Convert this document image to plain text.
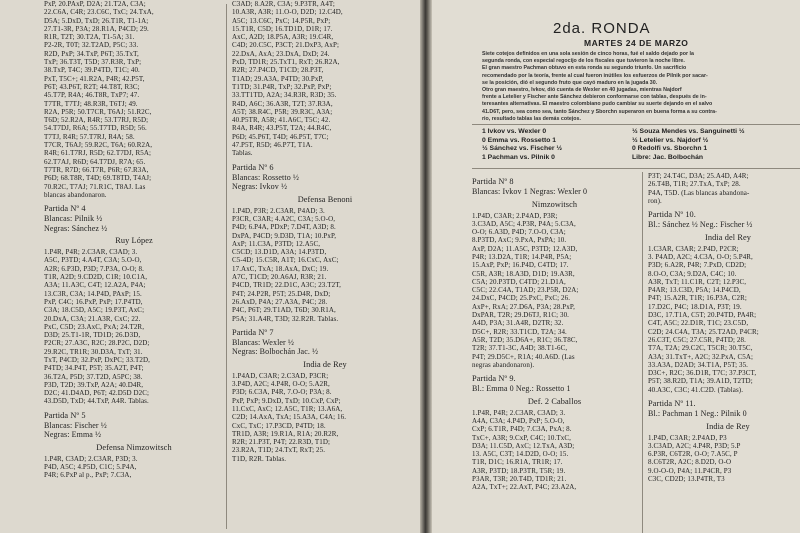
PxP, 20.PAxP, D2A; 21.T2A, C3A;

22.C6A, C4R; 23.C6C, TxC; 24.TxA,

D5A; 5.DxD, TxD; 26.T1R, T1-1A;

27.T1-3R, P3A; 28.R1A, P4CD; 29.

R1R, T2T; 30.T2A, T1-5A; 31.

P2-2R, T0T; 32.T2AD, P5C; 33.

R2D, PxP; 34.TxP, P6T; 35.TxT,

TxP; 36.T3T, T5D; 37.R3R, TxP;

38.TxP, T4C; 39.P4TD, T1C; 40.

PxT, T5C+; 41.R2A, P4R; 42.P5T,

P6T; 43.P6T, R2T; 44.T8T, R3C;

45.T7P, R4A; 46.T8R, TxP7; 47.

T7TR, T7TJ; 48.R3R, T6TJ; 49.

R2A, P5R; 50.T7CR, T6AJ; 51.R2C,

T6D; 52.R2A, R4R; 53.T7RJ, R5D;

54.T7DJ, R6A; 55.T7TD, R5D; 56.

T7TJ, R4R; 57.T7RJ, R4A; 58.

T7CR, T6AJ; 59.R2C, T6A; 60.R2A,

R4R; 61.T7RJ, R5D; 62.T7DJ, R5A;

62.T7AJ, R6D; 64.T7DJ, R7A; 65.

T7TR, R7D; 66.T7R, P6R; 67.R3A,

P6D; 68.T8R, T4D; 69.T8TD, T4AJ;

70.R2C, T7AJ; 71.R1C, T8AJ. Las

blancas abandonaron.

Partida Nº 4

Blancas: Pilnik ½

Negras: Sánchez ½

Ruy López

1.P4R, P4R; 2.C3AR, C3AD; 3.

A5C, P3TD; 4.A4T, C3A; 5.O-O,

A2R; 6.P3D, P3D; 7.P3A, O-O; 8.

T1R, A2D; 9.CD2D, C1R; 10.C1A,

A3A; 11.A3C, C4T; 12.A2A, P4A;

13.C3R, C3A; 14.P4D, PAxP; 15.

PxP, C4C; 16.PxP, PxP; 17.P4TD,

C3A; 18.C5D, A5C; 19.P3T, AxC;

20.DxA, C3A; 21.A3R, CxC; 22.

PxC, C5D; 23.AxC, PxA; 24.T2R,

D3D; 25.T1-1R, TD1D; 26.D3D,

P2CR; 27.A3C, R2C; 28.P2C, D2D;

29.R2C, TR1R; 30.D3A, TxT; 31.

TxT, P4CD; 32.PxP, DxPC; 33.T2D,

P4TD; 34.P4T, P5T; 35.A2T, P4T;

36.T2A, P5D; 37.T2D, A5PC; 38.

P3D, T2D; 39.TxP, A2A; 40.D4R,

D2C; 41.D4AD, P6T; 42.D5D D2C;

43.D5D, TxD; 44.TxP, A4R. Tablas.

Partida Nº 5

Blancas: Fischer ½

Negras: Emma ½

Defensa Nimzowitsch

1.P4R, C3AD; 2.C3AR, P3D; 3.

P4D, A5C; 4.P5D, C1C; 5.P4A,

P4R; 6.PxP al p., PxP; 7.C3A,

C3AD; 8.A2R, C3A; 9.P3TR, A4T;

10.A3R, A3R; 11.O-O, D2D; 12.C4D,

A5C; 13.C6C, PxC; 14.P5R, PxP;

15.T1R, C5D; 16.TD1D, D1R; 17.

AxC, A2D; 18.P5A, A3R; 19.C4R,

C4D; 20.C5C, P3CT; 21.DxP3, AxP;

22.DxA, AxA; 23.DxA, DxD; 24.

PxD, TD1R; 25.TxT1, RxT; 26.R2A,

R2R; 27.P4CD, T1CD; 28.P3T,

T1AD; 29.A3A, P4TD; 30.PxP,

T1TD; 31.P4R, TxP; 32.PxP, PxP;

33.TT1TD, A2A; 34.R3R, R3D; 35.

R4D, A6C; 36.A3R, T2T; 37.R3A,

A5T; 38.R4C, P5R; 39.R3C, A3A;

40.P5TR, A5R; 41.A6C, T5C; 42.

R4A, R4R; 43.P5T, T2A; 44.R4C,

P6D; 45.P6T, T4D; 46.P5T, T7C;

47.P5T, R5D; 46.P7T, T1A.

Tablas.

Partida Nº 6

Blancas: Rossetto ½

Negras: Ivkov ½

Defensa Benoni

1.P4D, P3R; 2.C3AR, P4AD; 3.

P3CR, C3AR; 4.A2C, C3A; 5.O-O,

P4D; 6.P4A, PDxP; 7.D4T, A3D; 8.

DxPA, P4CD; 9.D3D, T1A; 10.PxP,

AxP; 11.C3A, P3TD; 12.A5C,

C5CD; 13.D1D, A3A; 14.P3TD,

C5-4D; 15.C5R, A1T; 16.CxC, AxC;

17.AxC, TxA; 18.AxA, DxC; 19.

A7C, T1CD; 20.A6AJ, R3R; 21.

P4CD, TR1D; 22.D1C, A3C; 23.T2T,

P4T; 24.P2R, P5T; 25.D4R, DxD;

26.AxD, P4A; 27.A3A, P4C; 28.

P4C, P6T; 29.T1AD, T6D; 30.R1A,

P5A; 31.A4R, T3D; 32.R2R. Tablas.

Partida Nº 7

Blancas: Wexler ½

Negras: Bolbochán Jac. ½

India de Rey

1.P4AD, C3AR; 2.C3AD, P3CR;

3.P4D, A2C; 4.P4R, O-O; 5.A2R,

P3D; 6.C3A, P4R, 7.O-O; P3A; 8.

PxP, PxP; 9.DxD, TxD; 10.CxP, CxP;

11.CxC, AxC; 12.A5C, T1R; 13.A6A,

C2D; 14.AxA, TxA; 15.A3A, C4A; 16.

CxC, TxC; 17.P3CD, P4TD; 18.

TR1D, A3R; 19.R1A, R1A; 20.R2R,

R2R; 21.P3T, P4T; 22.R3D, T1D;

23.R2A, T1D; 24.TxT, RxT; 25.

T1D, R2R. Tablas.

2da. RONDA
MARTES 24 DE MARZO

Siete cotejos definidos en una sola sesión de cinco horas, fué el saldo dejado por la

segunda ronda, con especial regocijo de los fiscales que tuvieron la noche libre.

El gran maestro Pachman obtuvo en esta ronda su segundo triunfo. Un sacrificio

recomendado por la teoría, frente al cual fueron inútiles los esfuerzos de Pilnik por sacar-

se la posición, dió el segundo fruto que cayó maduro en la jugada 30.

Otro gran maestro, Ivkov, dió cuenta de Wexler en 40 jugadas, mientras Najdorf

frente a Letelier y Fischer ante Sánchez debieron conformarse con tablas, después de in-

teresantes alternativas. El maestro colombiano pudo cambiar su suerte dejando en el salvo

41.D6T, pero, sea como sea, tanto Sánchez y Sborchn superaron en buena forma a su contra-

rio, resultado tablas las demás cotejos.

1 Ivkov vs. Wexler 0

0 Emma vs. Rossetto 1

½ Sánchez vs. Fischer ½

1 Pachman vs. Pilnik 0

½ Souza Mendes vs. Sanguinetti ½

½ Letelier vs. Najdorf ½

0 Redolfi vs. Sborchn 1

Libre: Jac. Bolbochán

Partida Nº 8

Blancas: Ivkov 1 Negras: Wexler 0

Nimzowitsch

1.P4D, C3AR; 2.P4AD, P3R;

3.C3AD, A5C; 4.P3R, P4A; 5.C3A,

O-O; 6.A3D, P4D; 7.O-O, C3A;

8.P3TD, AxC; 9.PxA, PxPA; 10.

AxP, D2A; 11.A5C, P3TD; 12.A3D,

P4R; 13.D2A, T1R; 14.P4R, P5A;

15.AxP, PxP; 16.P4D, C4TD; 17.

C5R, A3R; 18.A3D, D1D; 19.A3R,

C5A; 20.P3TD, C4TD; 21.D1A,

C5C; 22.C4A, T1AD; 23.P5R, D2A;

24.DxC, P4CD; 25.PxC, PxC; 26.

AxP+, RxA; 27.D6A, P3A; 28.PxP,

DxPAR, T2R; 29.D6TJ, R1C; 30.

A4D, P3A; 31.A4R, D2TR; 32.

D5C+, R2R; 33.T1CD, T2A; 34.

A5R, T2D; 35.D6A+, R1C; 36.T8C,

T2R; 37.T1-3C, A4D; 38.T1-6C,

P4T; 29.D5C+, R1A; 40.A6D. (Las

negras abandonaron).

Partida Nº 9.

Bl.: Emma 0 Neg.: Rossetto 1

Def. 2 Caballos

1.P4R, P4R; 2.C3AR, C3AD; 3.

A4A, C3A; 4.P4D, PxP; 5.O-O,

CxP; 6.T1R, P4D; 7.C3A, PxA; 8.

TxC+, A3R; 9.CxP, C4C; 10.TxC,

D3A; 11.C5D, AxC; 12.TxA, A3D;

13. A5C, C3T; 14.D2D, O-O; 15.

T1R, D1C; 16.R1A, TR1R; 17.

A3R, P3TD; 18.P3TR, T5R; 19.

P3AR, T3R; 20.T4D, TD1R; 21.

A2A, TxT+; 22.AxT, P4C; 23.A2A,

P3T; 24.T4C, D3A; 25.A4D, A4R;

26.T4B, T1R; 27.TxA, TxP; 28.

P4A, T5D. (Las blancas abandona-

ron).

Partida Nº 10.

Bl.: Sánchez ½ Neg.: Fischer ½

India del Rey

1.C3AR, C3AR; 2.P4D, P2CR;

3. P4AD, A2C; 4.C3A, O-O; 5.P4R,

P3D; 6.A2R, P4R; 7.PxD, CD2D;

8.O-O, C3A; 9.D2A, C4C; 10.

A3R, TxT; 11.C1R, C2T; 12.P3C,

P4AR; 13.C3D, P5A; 14.P4CD,

P4T; 15.A2R, T1R; 16.P3A, C2R;

17.D2C, P4C; 18.D1A, P3T; 19.

D3C, 17.T1A, C5T; 20.P4TD, PA4R;

C4T, A5C; 22.D1R, T1C; 23.C5D,

C2D; 24.C4A, T3A; 25.T2AD, P4CR;

26.C3T, C5C; 27.C5R, P4TD; 28.

T7A, T2A; 29.C2C, T5CR; 30.T5C,

A3A; 31.TxT+, A2C; 32.PxA, C5A;

33.A3A, D2AD; 34.T1A, P5T; 35.

D3C+, R2C; 36.D1R, T7C; 37.P3CT,

P5T; 38.R2D, T1A; 39.A1D, T2TD;

40.A3C, C3C; 41.C2D. (Tablas).

Partida Nº 11.

Bl.: Pachman 1 Neg.: Pilnik 0

India de Rey

1.P4D, C3AR; 2.P4AD, P3

3.C3AD, A2C; 4.P4R, P3D; 5.P

6.P3R, C6T2R, O-O; 7.A5C, P

8.C6T2R, A2C; 8.D2D, O-O

9.O-O-O, P4A; 11.P4CR, P3

C3C, CD2D; 13.P4TR, T3
